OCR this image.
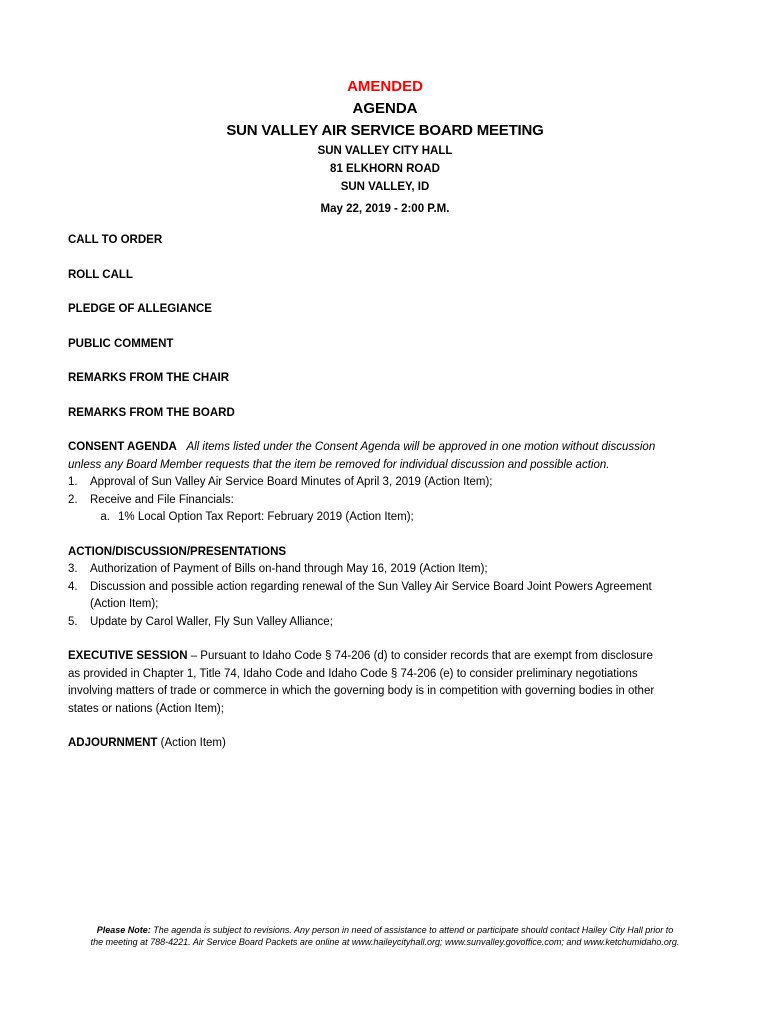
AMENDED
AGENDA
SUN VALLEY AIR SERVICE BOARD MEETING
SUN VALLEY CITY HALL
81 ELKHORN ROAD
SUN VALLEY, ID
May 22, 2019 - 2:00 P.M.

CALL TO ORDER

ROLL CALL

PLEDGE OF ALLEGIANCE

PUBLIC COMMENT

REMARKS FROM THE CHAIR

REMARKS FROM THE BOARD

CONSENT AGENDA All items listed under the Consent Agenda will be approved in one motion without discussion unless any Board Member requests that the item be removed for individual discussion and possible action.

1.	Approval of Sun Valley Air Service Board Minutes of April 3, 2019 (Action Item);
2.	Receive and File Financials:
a. 1% Local Option Tax Report: February 2019 (Action Item);

ACTION/DISCUSSION/PRESENTATIONS

3.	Authorization of Payment of Bills on-hand through May 16, 2019 (Action Item);
4.	Discussion and possible action regarding renewal of the Sun Valley Air Service Board Joint Powers Agreement (Action Item);
5.	Update by Carol Waller, Fly Sun Valley Alliance;

EXECUTIVE SESSION – Pursuant to Idaho Code § 74-206 (d) to consider records that are exempt from disclosure as provided in Chapter 1, Title 74, Idaho Code and Idaho Code § 74-206 (e) to consider preliminary negotiations involving matters of trade or commerce in which the governing body is in competition with governing bodies in other states or nations (Action Item);

ADJOURNMENT (Action Item)

Please Note: The agenda is subject to revisions. Any person in need of assistance to attend or participate should contact Hailey City Hall prior to the meeting at 788-4221. Air Service Board Packets are online at www.haileycityhall.org; www.sunvalley.govoffice.com; and www.ketchumidaho.org.
